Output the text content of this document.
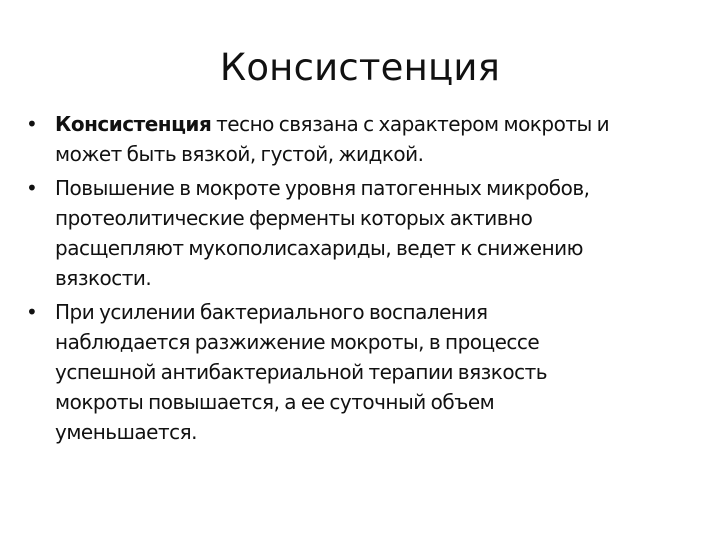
Консистенция
• Консистенция тесно связана с характером мокроты и
может быть вязкой, густой, жидкой.
• Повышение в мокроте уровня патогенных микробов,
протеолитические ферменты которых активно
расщепляют мукополисахариды, ведет к снижению
вязкости.
• При усилении бактериального воспаления
наблюдается разжижение мокроты, в процессе
успешной антибактериальной терапии вязкость
мокроты повышается, а ее суточный объем
уменьшается.
